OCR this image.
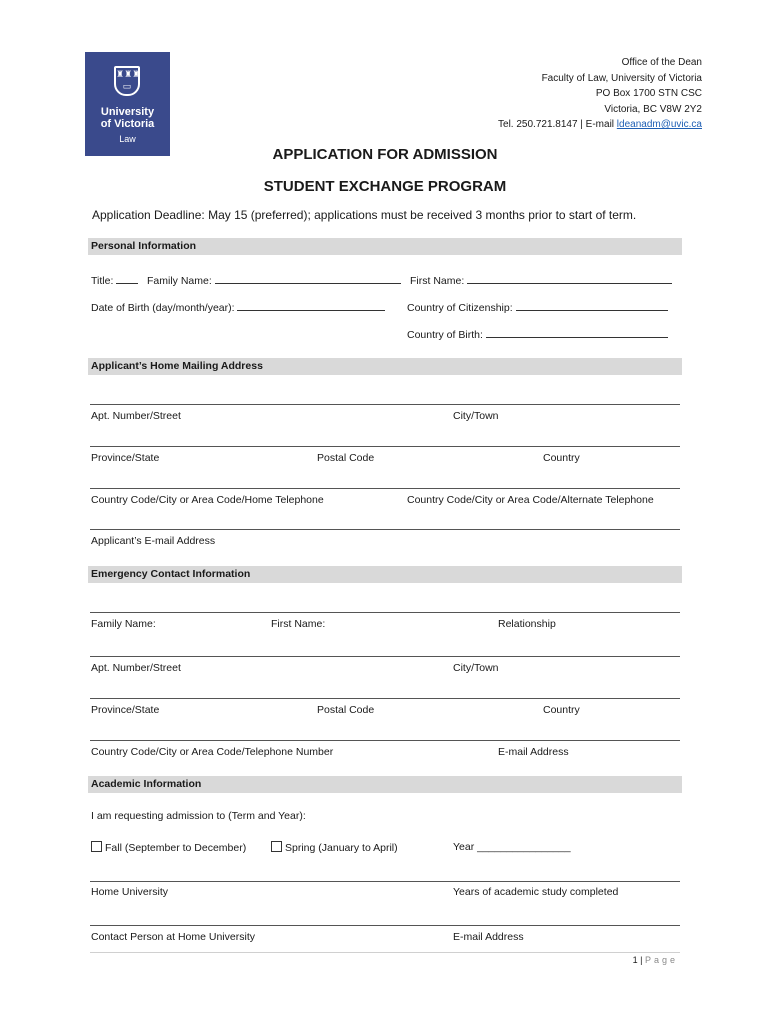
♜♜♜
▭
University
of Victoria
Law
Office of the Dean
Faculty of Law, University of Victoria
PO Box 1700 STN CSC
Victoria, BC V8W 2Y2
Tel. 250.721.8147 | E-mail ldeanadm@uvic.ca
APPLICATION FOR ADMISSION
STUDENT EXCHANGE PROGRAM
Application Deadline: May 15 (preferred); applications must be received 3 months prior to start of term.
Personal Information
Title:	Family Name:	First Name:
Date of Birth (day/month/year):	Country of Citizenship:
Country of Birth:
Applicant’s Home Mailing Address
Apt. Number/Street	City/Town
Province/State	Postal Code	Country
Country Code/City or Area Code/Home Telephone	Country Code/City or Area Code/Alternate Telephone
Applicant’s E-mail Address
Emergency Contact Information
Family Name:	First Name:	Relationship
Apt. Number/Street	City/Town
Province/State	Postal Code	Country
Country Code/City or Area Code/Telephone Number	E-mail Address
Academic Information
I am requesting admission to (Term and Year):
Fall (September to December)	Spring (January to April)	Year ________________
Home University	Years of academic study completed
Contact Person at Home University	E-mail Address
1 | Page
